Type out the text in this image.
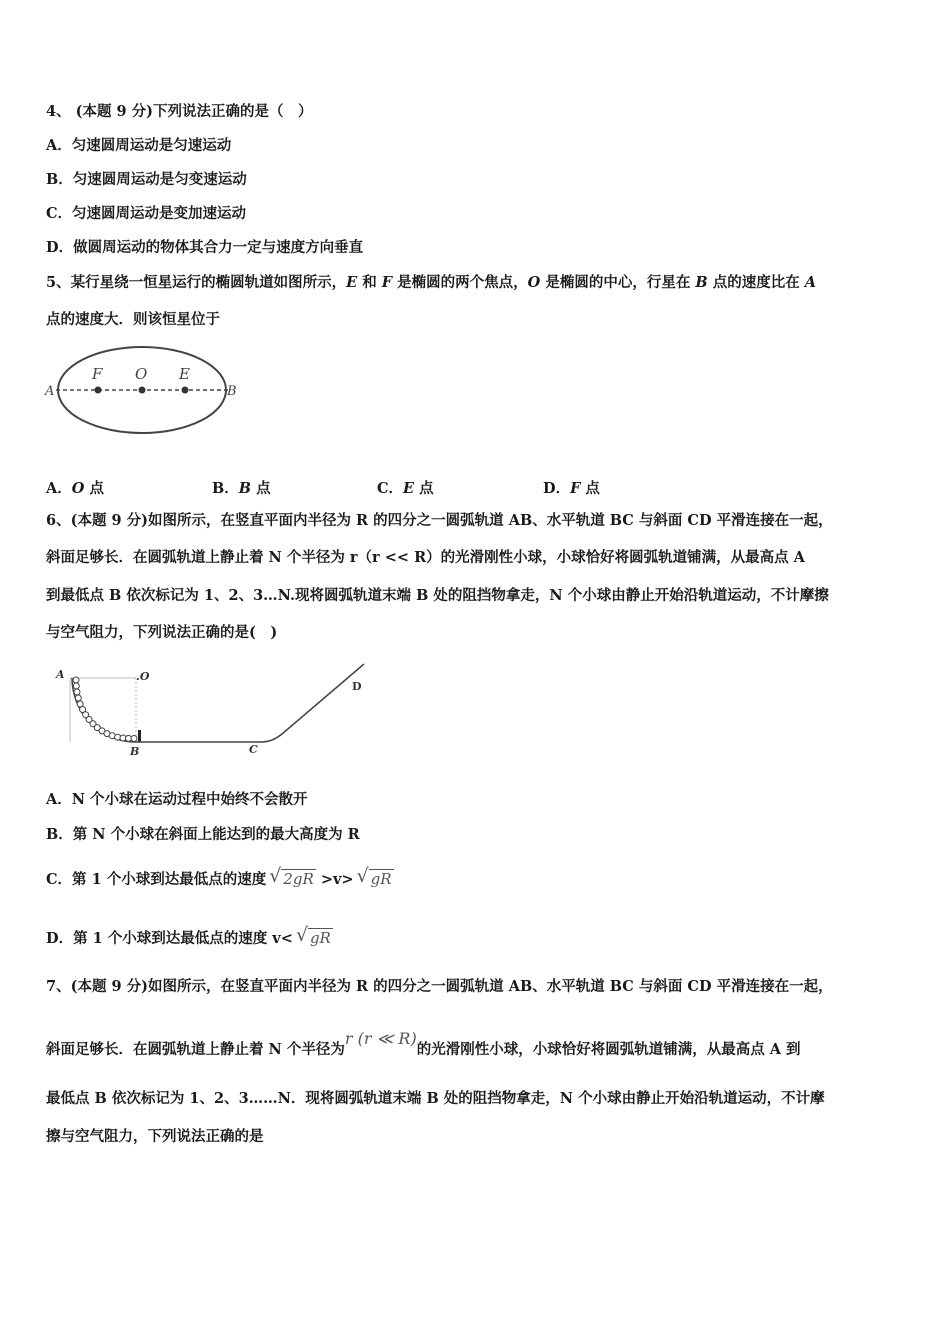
4、 (本题 9 分)下列说法正确的是（　）
A．匀速圆周运动是匀速运动
B．匀速圆周运动是匀变速运动
C．匀速圆周运动是变加速运动
D．做圆周运动的物体其合力一定与速度方向垂直
5、某行星绕一恒星运行的椭圆轨道如图所示，E 和 F 是椭圆的两个焦点，O 是椭圆的中心，行星在 B 点的速度比在 A
点的速度大．则该恒星位于
A
F O E
B
A．O 点	B．B 点	C．E 点	D．F 点
6、(本题 9 分)如图所示，在竖直平面内半径为 R 的四分之一圆弧轨道 AB、水平轨道 BC 与斜面 CD 平滑连接在一起，
斜面足够长．在圆弧轨道上静止着 N 个半径为 r（r << R）的光滑刚性小球，小球恰好将圆弧轨道铺满，从最高点 A
到最低点 B 依次标记为 1、2、3…N.现将圆弧轨道末端 B 处的阻挡物拿走，N 个小球由静止开始沿轨道运动，不计摩擦
与空气阻力，下列说法正确的是(　)
A	.O
B	C
D
A．N 个小球在运动过程中始终不会散开
B．第 N 个小球在斜面上能达到的最大高度为 R
C．第 1 个小球到达最低点的速度 √ 2gR >v> √ gR
D．第 1 个小球到达最低点的速度 v< √ gR
7、(本题 9 分)如图所示，在竖直平面内半径为 R 的四分之一圆弧轨道 AB、水平轨道 BC 与斜面 CD 平滑连接在一起，
斜面足够长．在圆弧轨道上静止着 N 个半径为r (r ≪ R)的光滑刚性小球，小球恰好将圆弧轨道铺满，从最高点 A 到
最低点 B 依次标记为 1、2、3……N．现将圆弧轨道末端 B 处的阻挡物拿走，N 个小球由静止开始沿轨道运动，不计摩
擦与空气阻力，下列说法正确的是
